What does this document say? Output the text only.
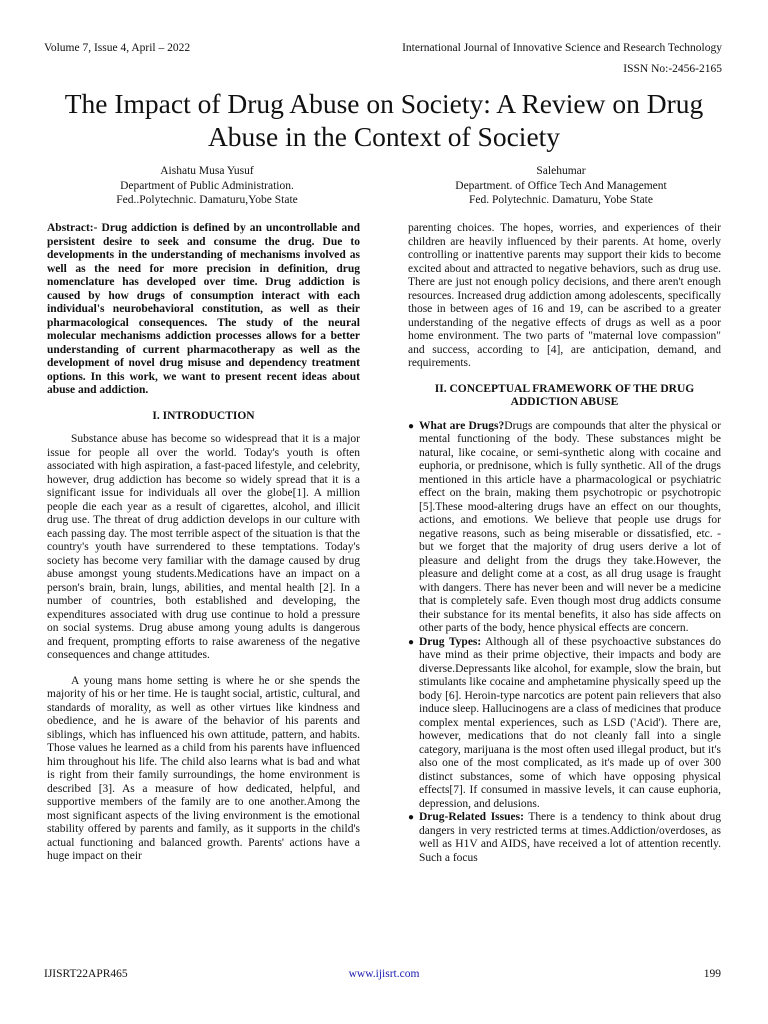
Volume 7, Issue 4, April – 2022	International Journal of Innovative Science and Research Technology
ISSN No:-2456-2165
The Impact of Drug Abuse on Society: A Review on Drug Abuse in the Context of Society
Aishatu Musa Yusuf
Department of Public Administration.
Fed..Polytechnic. Damaturu,Yobe State
Salehumar
Department. of Office Tech And Management
Fed. Polytechnic. Damaturu, Yobe State

Abstract:- Drug addiction is defined by an uncontrollable and persistent desire to seek and consume the drug. Due to developments in the understanding of mechanisms involved as well as the need for more precision in definition, drug nomenclature has developed over time. Drug addiction is caused by how drugs of consumption interact with each individual's neurobehavioral constitution, as well as their pharmacological consequences. The study of the neural molecular mechanisms addiction processes allows for a better understanding of current pharmacotherapy as well as the development of novel drug misuse and dependency treatment options. In this work, we want to present recent ideas about abuse and addiction.

I. INTRODUCTION

Substance abuse has become so widespread that it is a major issue for people all over the world. Today's youth is often associated with high aspiration, a fast-paced lifestyle, and celebrity, however, drug addiction has become so widely spread that it is a significant issue for individuals all over the globe[1]. A million people die each year as a result of cigarettes, alcohol, and illicit drug use. The threat of drug addiction develops in our culture with each passing day. The most terrible aspect of the situation is that the country's youth have surrendered to these temptations. Today's society has become very familiar with the damage caused by drug abuse amongst young students.Medications have an impact on a person's brain, brain, lungs, abilities, and mental health [2]. In a number of countries, both established and developing, the expenditures associated with drug use continue to hold a pressure on social systems. Drug abuse among young adults is dangerous and frequent, prompting efforts to raise awareness of the negative consequences and change attitudes.

A young mans home setting is where he or she spends the majority of his or her time. He is taught social, artistic, cultural, and standards of morality, as well as other virtues like kindness and obedience, and he is aware of the behavior of his parents and siblings, which has influenced his own attitude, pattern, and habits. Those values he learned as a child from his parents have influenced him throughout his life. The child also learns what is bad and what is right from their family surroundings, the home environment is described [3]. As a measure of how dedicated, helpful, and supportive members of the family are to one another.Among the most significant aspects of the living environment is the emotional stability offered by parents and family, as it supports in the child's actual functioning and balanced growth. Parents' actions have a huge impact on their

parenting choices. The hopes, worries, and experiences of their children are heavily influenced by their parents. At home, overly controlling or inattentive parents may support their kids to become excited about and attracted to negative behaviors, such as drug use. There are just not enough policy decisions, and there aren't enough resources. Increased drug addiction among adolescents, specifically those in between ages of 16 and 19, can be ascribed to a greater understanding of the negative effects of drugs as well as a poor home environment. The two parts of "maternal love compassion" and success, according to [4], are anticipation, demand, and requirements.

II. CONCEPTUAL FRAMEWORK OF THE DRUG ADDICTION ABUSE

● What are Drugs?Drugs are compounds that alter the physical or mental functioning of the body. These substances might be natural, like cocaine, or semi-synthetic along with cocaine and euphoria, or prednisone, which is fully synthetic. All of the drugs mentioned in this article have a pharmacological or psychiatric effect on the brain, making them psychotropic or psychotropic [5].These mood-altering drugs have an effect on our thoughts, actions, and emotions. We believe that people use drugs for negative reasons, such as being miserable or dissatisfied, etc. - but we forget that the majority of drug users derive a lot of pleasure and delight from the drugs they take.However, the pleasure and delight come at a cost, as all drug usage is fraught with dangers. There has never been and will never be a medicine that is completely safe. Even though most drug addicts consume their substance for its mental benefits, it also has side affects on other parts of the body, hence physical effects are concern.
● Drug Types: Although all of these psychoactive substances do have mind as their prime objective, their impacts and body are diverse.Depressants like alcohol, for example, slow the brain, but stimulants like cocaine and amphetamine physically speed up the body [6]. Heroin-type narcotics are potent pain relievers that also induce sleep. Hallucinogens are a class of medicines that produce complex mental experiences, such as LSD ('Acid'). There are, however, medications that do not cleanly fall into a single category, marijuana is the most often used illegal product, but it's also one of the most complicated, as it's made up of over 300 distinct substances, some of which have opposing physical effects[7]. If consumed in massive levels, it can cause euphoria, depression, and delusions.
● Drug-Related Issues: There is a tendency to think about drug dangers in very restricted terms at times.Addiction/overdoses, as well as H1V and AIDS, have received a lot of attention recently. Such a focus
IJISRT22APR465	www.ijisrt.com	199
